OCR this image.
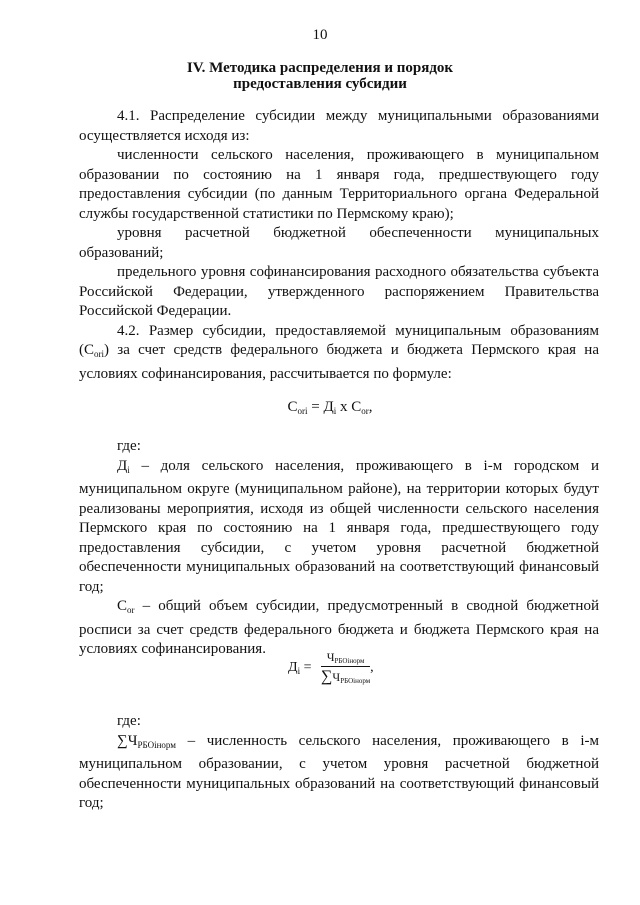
10
IV. Методика распределения и порядок
предоставления субсидии

4.1. Распределение субсидии между муниципальными образованиями осуществляется исходя из:

численности сельского населения, проживающего в муниципальном образовании по состоянию на 1 января года, предшествующего году предоставления субсидии (по данным Территориального органа Федеральной службы государственной статистики по Пермскому краю);

уровня расчетной бюджетной обеспеченности муниципальных образований;

предельного уровня софинансирования расходного обязательства субъекта Российской Федерации, утвержденного распоряжением Правительства Российской Федерации.

4.2. Размер субсидии, предоставляемой муниципальным образованиям $(С_{ori})$ за счет средств федерального бюджета и бюджета Пермского края на условиях софинансирования, рассчитывается по формуле:

$С_{ori} = Д_i$ х $С_{or}$,

где:

$Д_i$ – доля сельского населения, проживающего в i-м городском и муниципальном округе (муниципальном районе), на территории которых будут реализованы мероприятия, исходя из общей численности сельского населения Пермского края по состоянию на 1 января года, предшествующего году предоставления субсидии, с учетом уровня расчетной бюджетной обеспеченности муниципальных образований на соответствующий финансовый год;

$С_{or}$ – общий объем субсидии, предусмотренный в сводной бюджетной росписи за счет средств федерального бюджета и бюджета Пермского края на условиях софинансирования.

$Д_i = \frac{\text{ЧРБОiнорм}}{\text{∑ЧРБОiнорм}}$ ,

где:

$\sum Ч_{РБОiнорм}$ – численность сельского населения, проживающего в i-м муниципальном образовании, с учетом уровня расчетной бюджетной обеспеченности муниципальных образований на соответствующий финансовый год;
